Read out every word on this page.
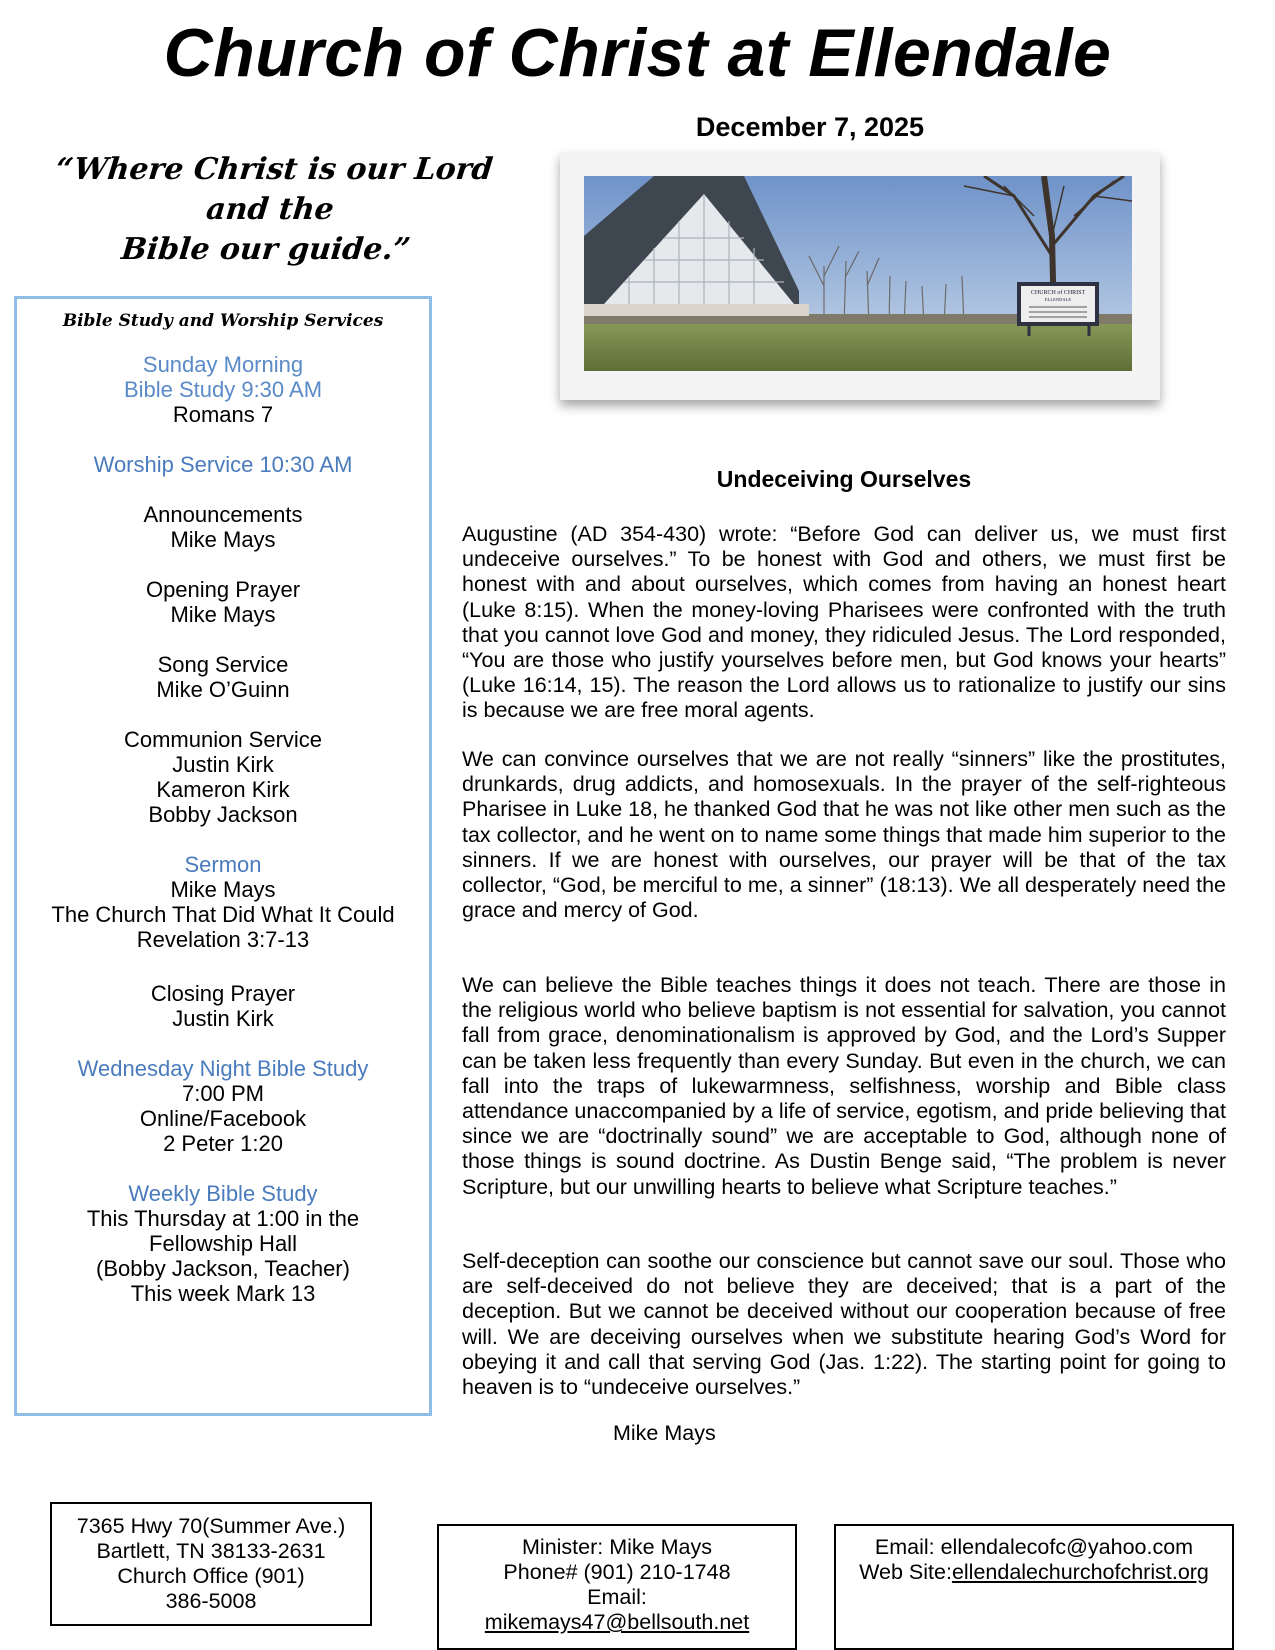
Church of Christ at Ellendale
December 7, 2025
“Where Christ is our Lord and the
Bible our guide.”
CHURCH of CHRIST
ELLENDALE
Bible Study and Worship Services
Sunday Morning
Bible Study 9:30 AM
Romans 7
Worship Service 10:30 AM
Announcements
Mike Mays
Opening Prayer
Mike Mays
Song Service
Mike O’Guinn
Communion Service
Justin Kirk
Kameron Kirk
Bobby Jackson
Sermon
Mike Mays
The Church That Did What It Could
Revelation 3:7-13
Closing Prayer
Justin Kirk
Wednesday Night Bible Study
7:00 PM
Online/Facebook
2 Peter 1:20
Weekly Bible Study
This Thursday at 1:00 in the
Fellowship Hall
(Bobby Jackson, Teacher)
This week Mark 13
Undeceiving Ourselves
Augustine (AD 354-430) wrote: “Before God can deliver us, we must first undeceive ourselves.” To be honest with God and others, we must first be honest with and about ourselves, which comes from having an honest heart (Luke 8:15). When the money-loving Pharisees were confronted with the truth that you cannot love God and money, they ridiculed Jesus. The Lord responded, “You are those who justify yourselves before men, but God knows your hearts” (Luke 16:14, 15). The reason the Lord allows us to rationalize to justify our sins is because we are free moral agents.
We can convince ourselves that we are not really “sinners” like the prostitutes, drunkards, drug addicts, and homosexuals. In the prayer of the self-righteous Pharisee in Luke 18, he thanked God that he was not like other men such as the tax collector, and he went on to name some things that made him superior to the sinners. If we are honest with ourselves, our prayer will be that of the tax collector, “God, be merciful to me, a sinner” (18:13). We all desperately need the grace and mercy of God.
We can believe the Bible teaches things it does not teach. There are those in the religious world who believe baptism is not essential for salvation, you cannot fall from grace, denominationalism is approved by God, and the Lord’s Supper can be taken less frequently than every Sunday. But even in the church, we can fall into the traps of lukewarmness, selfishness, worship and Bible class attendance unaccompanied by a life of service, egotism, and pride believing that since we are “doctrinally sound” we are acceptable to God, although none of those things is sound doctrine. As Dustin Benge said, “The problem is never Scripture, but our unwilling hearts to believe what Scripture teaches.”
Self-deception can soothe our conscience but cannot save our soul. Those who are self-deceived do not believe they are deceived; that is a part of the deception. But we cannot be deceived without our cooperation because of free will. We are deceiving ourselves when we substitute hearing God’s Word for obeying it and call that serving God (Jas. 1:22). The starting point for going to heaven is to “undeceive ourselves.”
Mike Mays
7365 Hwy 70(Summer Ave.)
Bartlett, TN 38133-2631
Church Office (901)
386-5008
Minister: Mike Mays
Phone# (901) 210-1748
Email:
mikemays47@bellsouth.net
Email: ellendalecofc@yahoo.com
Web Site:ellendalechurchofchrist.org
